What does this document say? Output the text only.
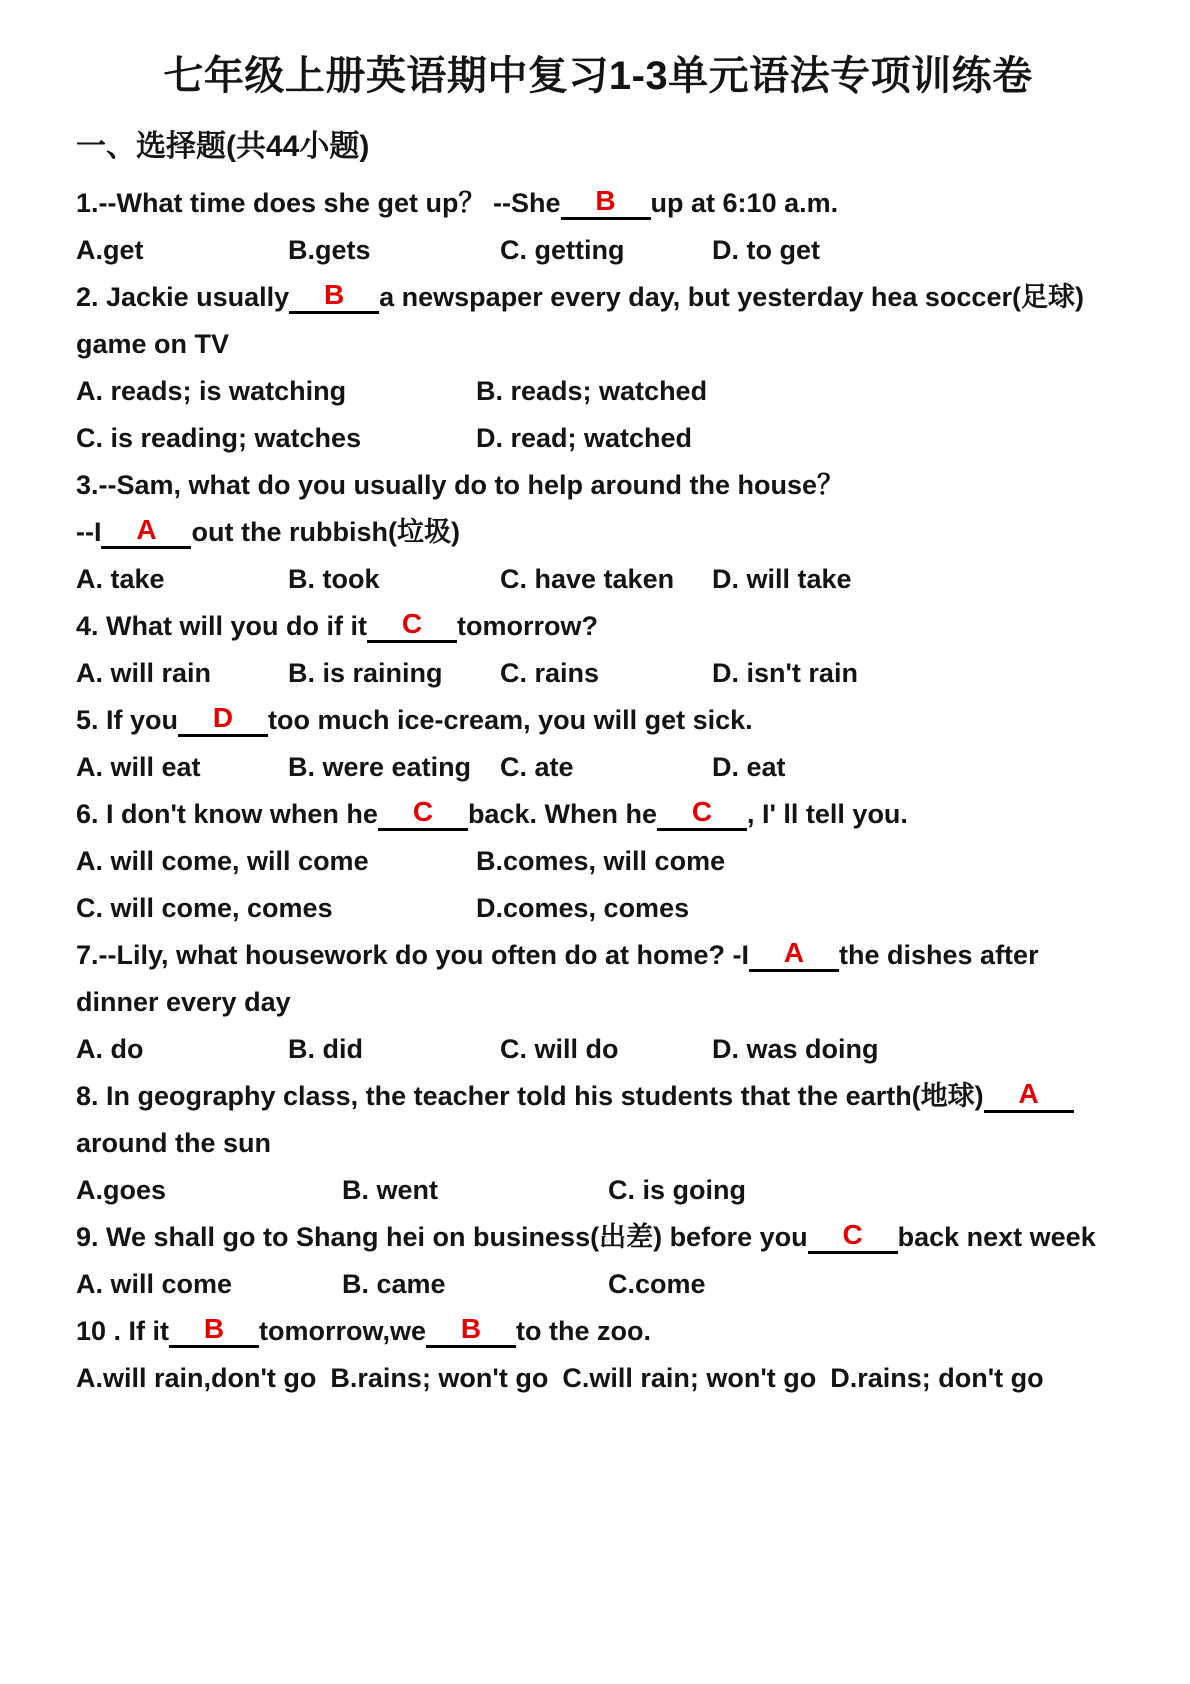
七年级上册英语期中复习1-3单元语法专项训练卷
一、选择题(共44小题)
1.--What time does she get up？ --She B up at 6:10 a.m.
A.get	B.gets	C. getting	D. to get
2. Jackie usually B a newspaper every day, but yesterday hea soccer(足球)
game on TV
A. reads; is watching	B. reads; watched
C. is reading; watches	D. read; watched
3.--Sam, what do you usually do to help around the house？
--I A out the rubbish(垃圾)
A. take	B. took	C. have taken D. will take
4. What will you do if it C tomorrow?
A. will rain	B. is raining C. rains	D. isn't rain
5. If you D too much ice-cream, you will get sick.
A. will eat	B. were eating C. ate	D. eat
6. I don't know when he C back. When he C , I' ll tell you.
A. will come, will come	B.comes, will come
C. will come, comes	D.comes, comes
7.--Lily, what housework do you often do at home? -I A the dishes after
dinner every day
A. do	B. did	C. will do	D. was doing
8. In geography class, the teacher told his students that the earth(地球) A
around the sun
A.goes	B. went	C. is going
9. We shall go to Shang hei on business(出差) before you C back next week
A. will come	B. came	C.come
10 . If it B tomorrow,we B to the zoo.
A.will rain,don't go B.rains; won't go C.will rain; won't go D.rains; don't go
